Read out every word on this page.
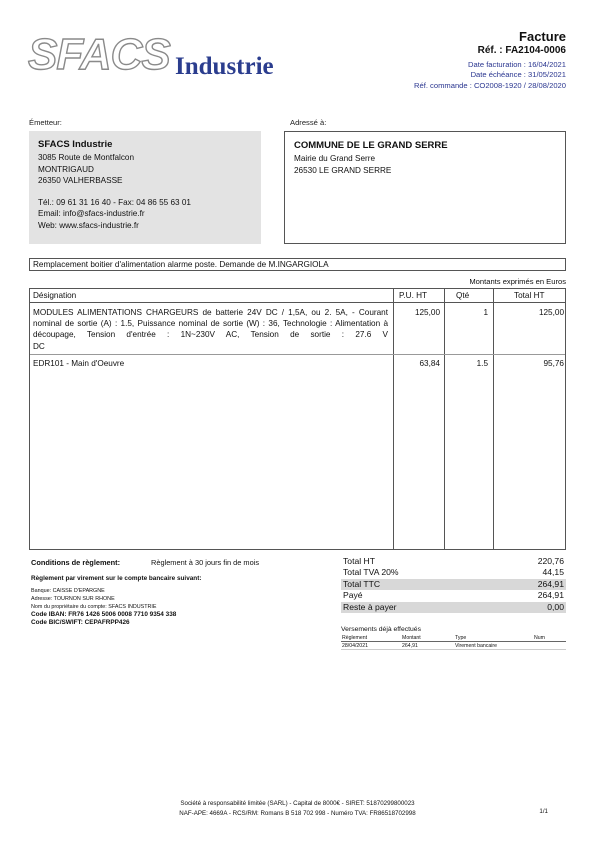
SFACS Industrie
Facture
Réf. : FA2104-0006
Date facturation : 16/04/2021
Date échéance : 31/05/2021
Réf. commande : CO2008-1920 / 28/08/2020
Émetteur:	Adressé à:
SFACS Industrie
3085 Route de Montfalcon
MONTRIGAUD
26350 VALHERBASSE
Tél.: 09 61 31 16 40 - Fax: 04 86 55 63 01
Email: info@sfacs-industrie.fr
Web: www.sfacs-industrie.fr
COMMUNE DE LE GRAND SERRE
Mairie du Grand Serre
26530 LE GRAND SERRE
Remplacement boitier d'alimentation alarme poste. Demande de M.INGARGIOLA
Montants exprimés en Euros
Désignation	P.U. HT	Qté	Total HT
MODULES ALIMENTATIONS CHARGEURS de batterie 24V DC / 1,5A, ou 2. 5A, - Courant nominal de sortie (A) : 1.5, Puissance nominal de sortie (W) : 36, Technologie : Alimentation à découpage, Tension d'entrée : 1N~230V AC, Tension de sortie : 27.6 V
DC
125,00	1	125,00
EDR101 - Main d'Oeuvre	63,84	1.5	95,76
Conditions de règlement:	Règlement à 30 jours fin de mois
Règlement par virement sur le compte bancaire suivant:
Banque: CAISSE D'EPARGNE
Adresse: TOURNON SUR RHONE
Nom du propriétaire du compte: SFACS INDUSTRIE
Code IBAN: FR76 1426 5006 0008 7710 9354 338
Code BIC/SWIFT: CEPAFRPP426
Total HT	220,76
Total TVA 20%	44,15
Total TTC	264,91
Payé	264,91
Reste à payer	0,00
Versements déjà effectués
Règlement	Montant	Type	Num
28/04/2021	264,91	Virement bancaire
Société à responsabilité limitée (SARL) - Capital de 8000€ - SIRET: 51870299800023
NAF-APE: 4669A - RCS/RM: Romans B 518 702 998 - Numéro TVA: FR86518702998	1/1
